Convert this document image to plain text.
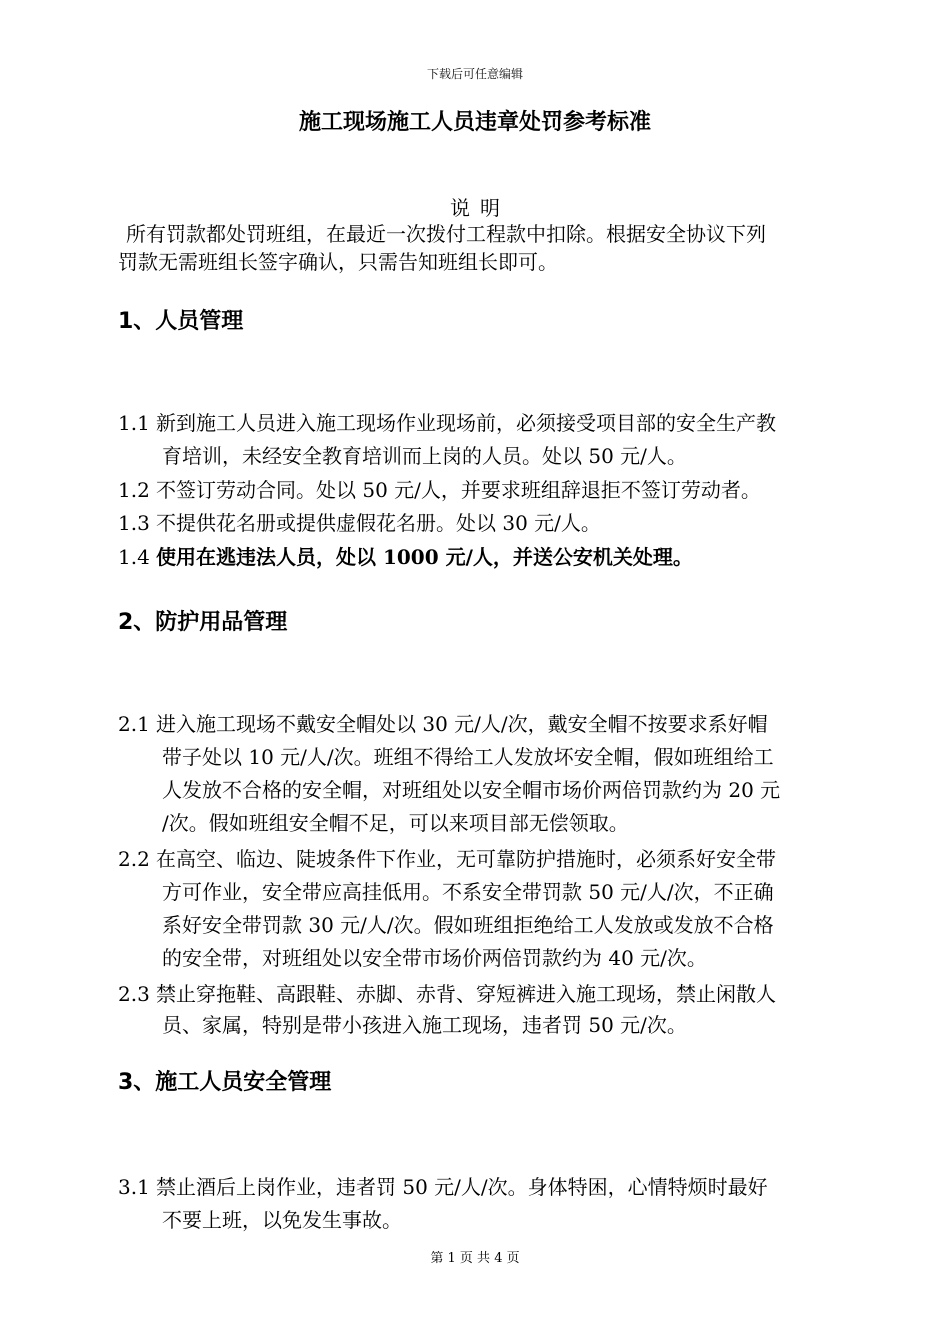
下载后可任意编辑
施工现场施工人员违章处罚参考标准
说明
所有罚款都处罚班组，在最近一次拨付工程款中扣除。根据安全协议下列
罚款无需班组长签字确认，只需告知班组长即可。
1、人员管理
1.1 新到施工人员进入施工现场作业现场前，必须接受项目部的安全生产教
育培训，未经安全教育培训而上岗的人员。处以 50 元/人。
1.2 不签订劳动合同。处以 50 元/人，并要求班组辞退拒不签订劳动者。
1.3 不提供花名册或提供虚假花名册。处以 30 元/人。
1.4 使用在逃违法人员，处以 1000 元/人，并送公安机关处理。
2、防护用品管理
2.1 进入施工现场不戴安全帽处以 30 元/人/次，戴安全帽不按要求系好帽
带子处以 10 元/人/次。班组不得给工人发放坏安全帽，假如班组给工
人发放不合格的安全帽，对班组处以安全帽市场价两倍罚款约为 20 元
/次。假如班组安全帽不足，可以来项目部无偿领取。
2.2 在高空、临边、陡坡条件下作业，无可靠防护措施时，必须系好安全带
方可作业，安全带应高挂低用。不系安全带罚款 50 元/人/次，不正确
系好安全带罚款 30 元/人/次。假如班组拒绝给工人发放或发放不合格
的安全带，对班组处以安全带市场价两倍罚款约为 40 元/次。
2.3 禁止穿拖鞋、高跟鞋、赤脚、赤背、穿短裤进入施工现场，禁止闲散人
员、家属，特别是带小孩进入施工现场，违者罚 50 元/次。
3、施工人员安全管理
3.1 禁止酒后上岗作业，违者罚 50 元/人/次。身体特困，心情特烦时最好
不要上班，以免发生事故。
第 1 页 共 4 页
